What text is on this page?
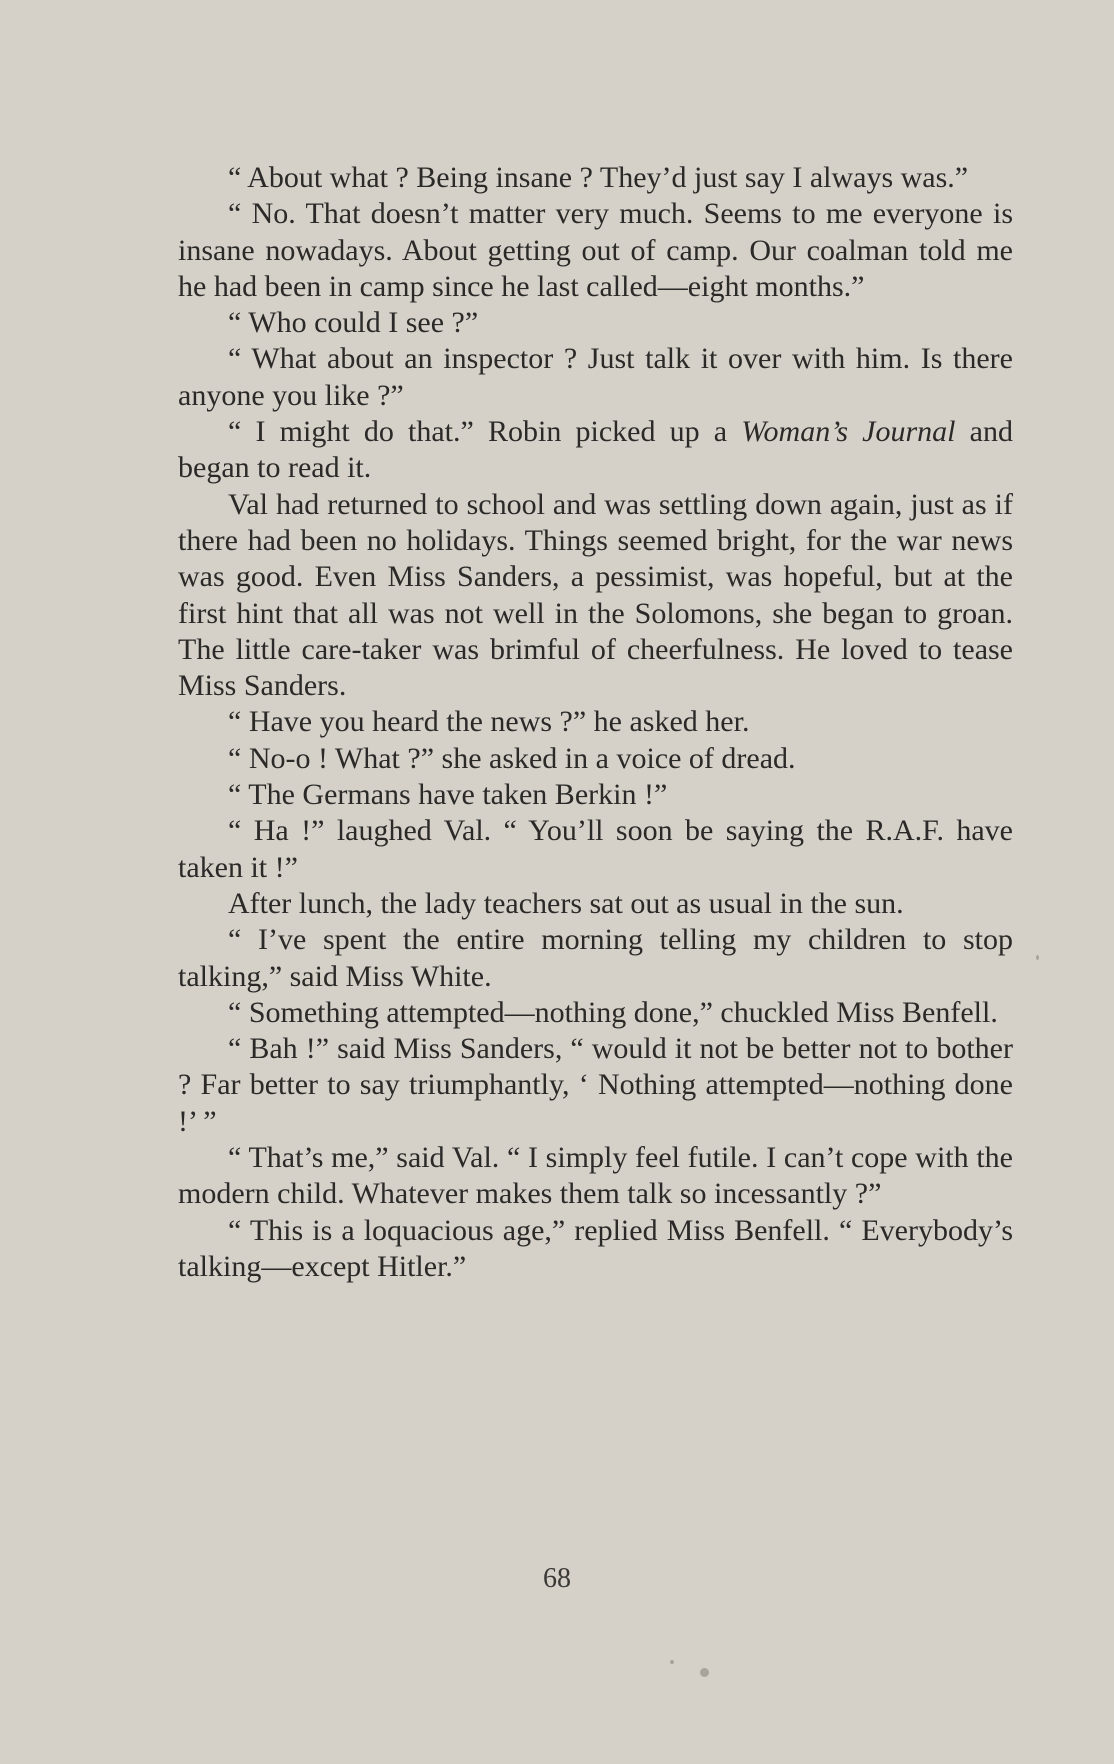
“ About what ? Being insane ? They’d just say I always was.”

“ No. That doesn’t matter very much. Seems to me everyone is insane nowadays. About getting out of camp. Our coalman told me he had been in camp since he last called—eight months.”

“ Who could I see ?”

“ What about an inspector ? Just talk it over with him. Is there anyone you like ?”

“ I might do that.” Robin picked up a Woman’s Journal and began to read it.

Val had returned to school and was settling down again, just as if there had been no holidays. Things seemed bright, for the war news was good. Even Miss Sanders, a pessimist, was hopeful, but at the first hint that all was not well in the Solomons, she began to groan. The little care-taker was brimful of cheerfulness. He loved to tease Miss Sanders.

“ Have you heard the news ?” he asked her.

“ No-o ! What ?” she asked in a voice of dread.

“ The Germans have taken Berkin !”

“ Ha !” laughed Val. “ You’ll soon be saying the R.A.F. have taken it !”

After lunch, the lady teachers sat out as usual in the sun.

“ I’ve spent the entire morning telling my children to stop talking,” said Miss White.

“ Something attempted—nothing done,” chuckled Miss Benfell.

“ Bah !” said Miss Sanders, “ would it not be better not to bother ? Far better to say triumphantly, ‘ Nothing attempted—nothing done !’ ”

“ That’s me,” said Val. “ I simply feel futile. I can’t cope with the modern child. Whatever makes them talk so incessantly ?”

“ This is a loquacious age,” replied Miss Benfell. “ Everybody’s talking—except Hitler.”

68
